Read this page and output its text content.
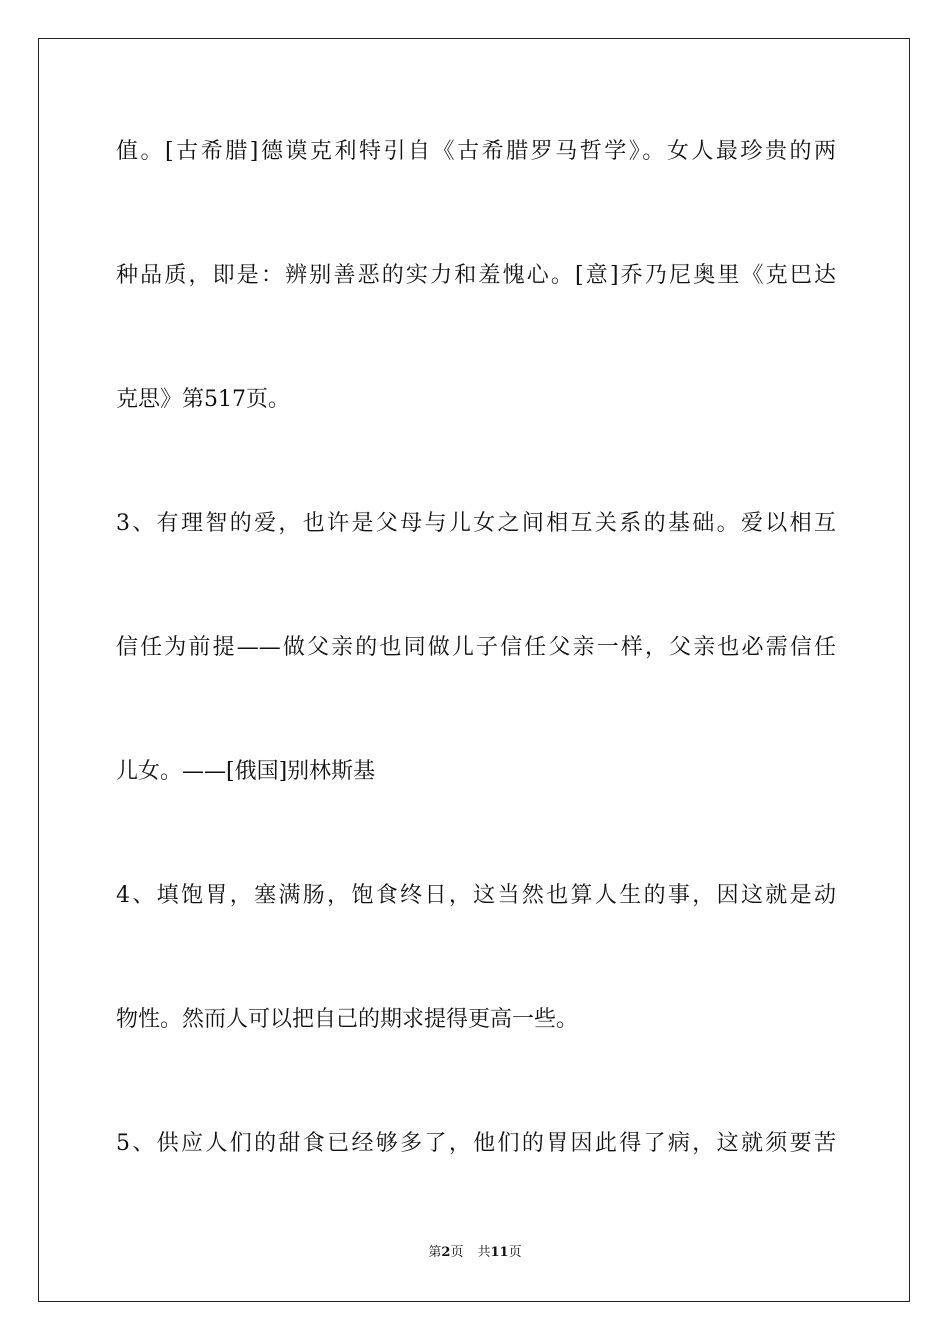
值。[古希腊]德谟克利特引自《古希腊罗马哲学》。女人最珍贵的两
种品质，即是：辨别善恶的实力和羞愧心。[意]乔乃尼奥里《克巴达
克思》第517页。
3、有理智的爱，也许是父母与儿女之间相互关系的基础。爱以相互
信任为前提——做父亲的也同做儿子信任父亲一样，父亲也必需信任
儿女。——[俄国]别林斯基
4、填饱胃，塞满肠，饱食终日，这当然也算人生的事，因这就是动
物性。然而人可以把自己的期求提得更高一些。
5、供应人们的甜食已经够多了，他们的胃因此得了病，这就须要苦
第2页 共11页
